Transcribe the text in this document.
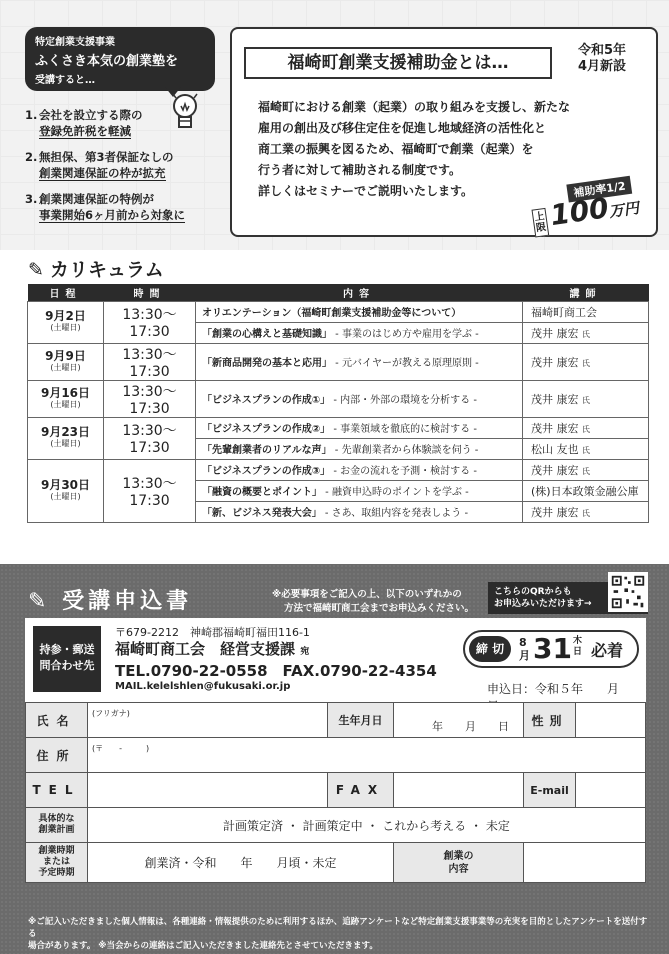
特定創業支援事業
ふくさき本気の創業塾を
受講すると…
1. 会社を設立する際の
登録免許税を軽減
2. 無担保、第3者保証なしの
創業関連保証の枠が拡充
3. 創業関連保証の特例が
事業開始6ヶ月前から対象に
福崎町創業支援補助金とは…
令和5年
4月新設
福崎町における創業（起業）の取り組みを支援し、新たな
雇用の創出及び移住定住を促進し地域経済の活性化と
商工業の振興を図るため、福崎町で創業（起業）を
行う者に対して補助される制度です。
詳しくはセミナーでご説明いたします。	補助率1/2
上限 100万円
✎ カリキュラム
日程	時間	内容	講師
9月2日
(土曜日)	13:30〜17:30	オリエンテーション（福崎町創業支援補助金等について）	福崎町商工会
		「創業の心構えと基礎知識」 - 事業のはじめ方や雇用を学ぶ -	茂井 康宏 氏
9月9日
(土曜日)	13:30〜17:30	「新商品開発の基本と応用」 - 元バイヤーが教える原理原則 -	茂井 康宏 氏
9月16日
(土曜日)	13:30〜17:30	「ビジネスプランの作成①」 - 内部・外部の環境を分析する -	茂井 康宏 氏
9月23日
(土曜日)	13:30〜17:30	「ビジネスプランの作成②」 - 事業領域を徹底的に検討する -	茂井 康宏 氏
		「先輩創業者のリアルな声」 - 先輩創業者から体験談を伺う -	松山 友也 氏
9月30日
(土曜日)	13:30〜17:30	「ビジネスプランの作成③」 - お金の流れを予測・検討する -	茂井 康宏 氏
		「融資の概要とポイント」 - 融資申込時のポイントを学ぶ -	(株)日本政策金融公庫
		「新、ビジネス発表大会」 - さあ、取組内容を発表しよう -	茂井 康宏 氏
✎ 受講申込書	※必要事項をご記入の上、以下のいずれかの
方法で福崎町商工会までお申込みください。
こちらのQRからも
お申込みいただけます→
持参・郵送
問合わせ先
〒679-2212　神崎郡福崎町福田116-1
福崎町商工会　経営支援課 宛
TEL.0790-22-0558　FAX.0790-22-4354
MAIL.kelelshlen@fukusaki.or.jp
締 切	8
月 31 木
日 必着
申込日：令和５年　　月　　
氏名	(フリガナ)	生年月日	年　　月　　日	性別	
住所	(〒　　-　　　)				

TEL		FAX		E-mail	
具体的な
創業計画	計画策定済 ・ 計画策定中 ・ これから考える ・ 未定				
創業時期
または
予定時期	創業済・令和　　年　　月頃・未定		創業の
内容		
※ご記入いただきました個人情報は、各種連絡・情報提供のために利用するほか、追跡アンケートなど特定創業支援事業等の充実を目的としたアンケートを送付する
場合があります。 ※当会からの連絡はご記入いただきました連絡先とさせていただきます。
